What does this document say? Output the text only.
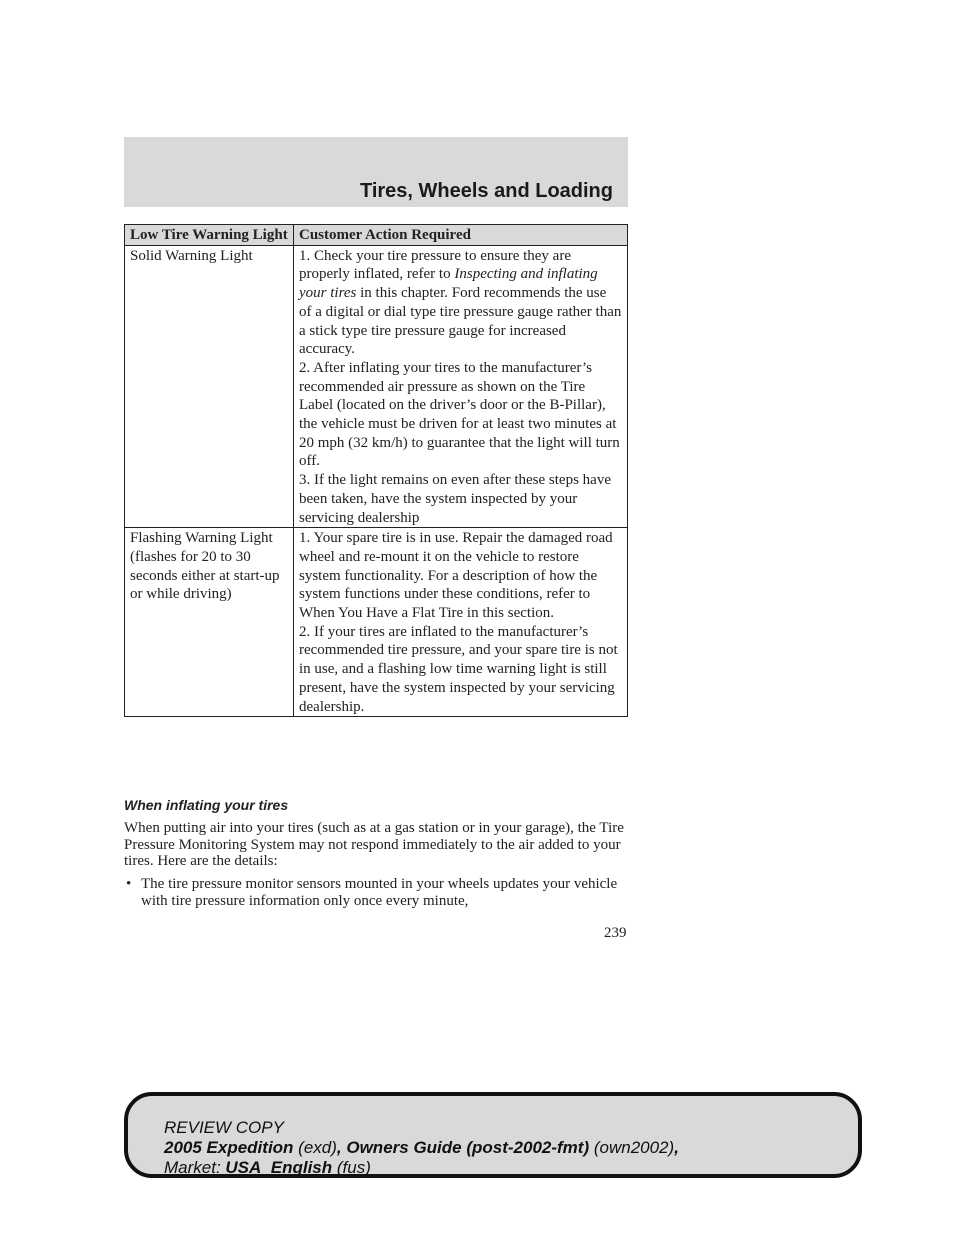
Tires, Wheels and Loading
Low Tire Warning Light	Customer Action Required
Solid Warning Light	1. Check your tire pressure to ensure they are properly inflated, refer to Inspecting and inflating your tires in this chapter. Ford recommends the use of a digital or dial type tire pressure gauge rather than a stick type tire pressure gauge for increased accuracy.
2. After inflating your tires to the manufacturer’s recommended air pressure as shown on the Tire Label (located on the driver’s door or the B-Pillar), the vehicle must be driven for at least two minutes at 20 mph (32 km/h) to guarantee that the light will turn off.
3. If the light remains on even after these steps have been taken, have the system inspected by your servicing dealership

Flashing Warning Light (flashes for 20 to 30 seconds either at start-up or while driving)	1. Your spare tire is in use. Repair the damaged road wheel and re-mount it on the vehicle to restore system functionality. For a description of how the system functions under these conditions, refer to When You Have a Flat Tire in this section.
2. If your tires are inflated to the manufacturer’s recommended tire pressure, and your spare tire is not in use, and a flashing low time warning light is still present, have the system inspected by your servicing dealership.
When inflating your tires
When putting air into your tires (such as at a gas station or in your garage), the Tire Pressure Monitoring System may not respond immediately to the air added to your tires. Here are the details:
• The tire pressure monitor sensors mounted in your wheels updates your vehicle with tire pressure information only once every minute,
239
REVIEW COPY
2005 Expedition (exd), Owners Guide (post-2002-fmt) (own2002),
Market: USA_English (fus)
